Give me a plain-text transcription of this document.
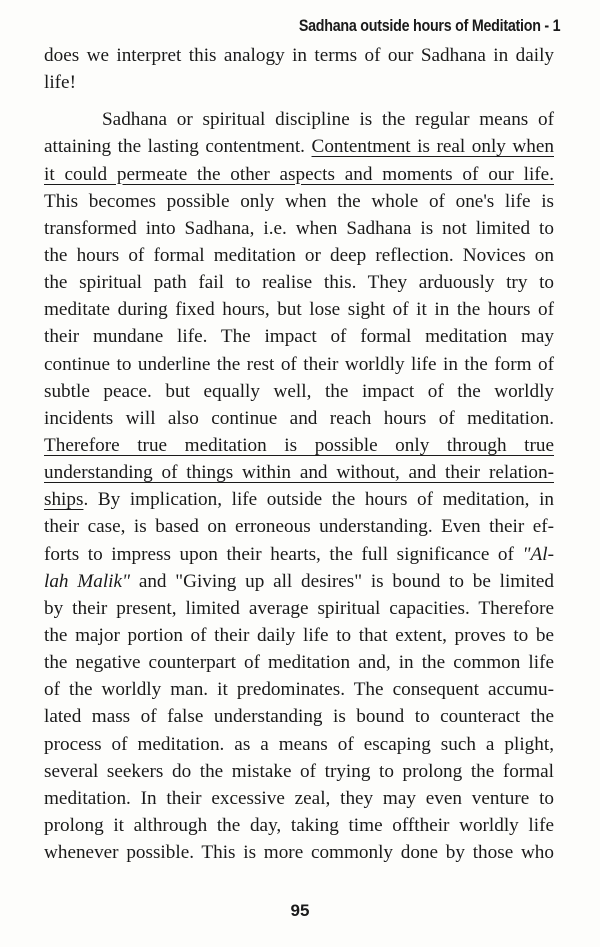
Sadhana outside hours of Meditation - 1
does we interpret this analogy in terms of our Sadhana in daily
life!
Sadhana or spiritual discipline is the regular means of
attaining the lasting contentment. Contentment is real only when
it could permeate the other aspects and moments of our life.
This becomes possible only when the whole of one's life is
transformed into Sadhana, i.e. when Sadhana is not limited to
the hours of formal meditation or deep reflection. Novices on
the spiritual path fail to realise this. They arduously try to
meditate during fixed hours, but lose sight of it in the hours of
their mundane life. The impact of formal meditation may
continue to underline the rest of their worldly life in the form of
subtle peace. but equally well, the impact of the worldly
incidents will also continue and reach hours of meditation.
Therefore true meditation is possible only through true
understanding of things within and without, and their relation-
ships. By implication, life outside the hours of meditation, in
their case, is based on erroneous understanding. Even their ef-
forts to impress upon their hearts, the full significance of "Al-
lah Malik" and "Giving up all desires" is bound to be limited
by their present, limited average spiritual capacities. Therefore
the major portion of their daily life to that extent, proves to be
the negative counterpart of meditation and, in the common life
of the worldly man. it predominates. The consequent accumu-
lated mass of false understanding is bound to counteract the
process of meditation. as a means of escaping such a plight,
several seekers do the mistake of trying to prolong the formal
meditation. In their excessive zeal, they may even venture to
prolong it althrough the day, taking time offtheir worldly life
whenever possible. This is more commonly done by those who
95
